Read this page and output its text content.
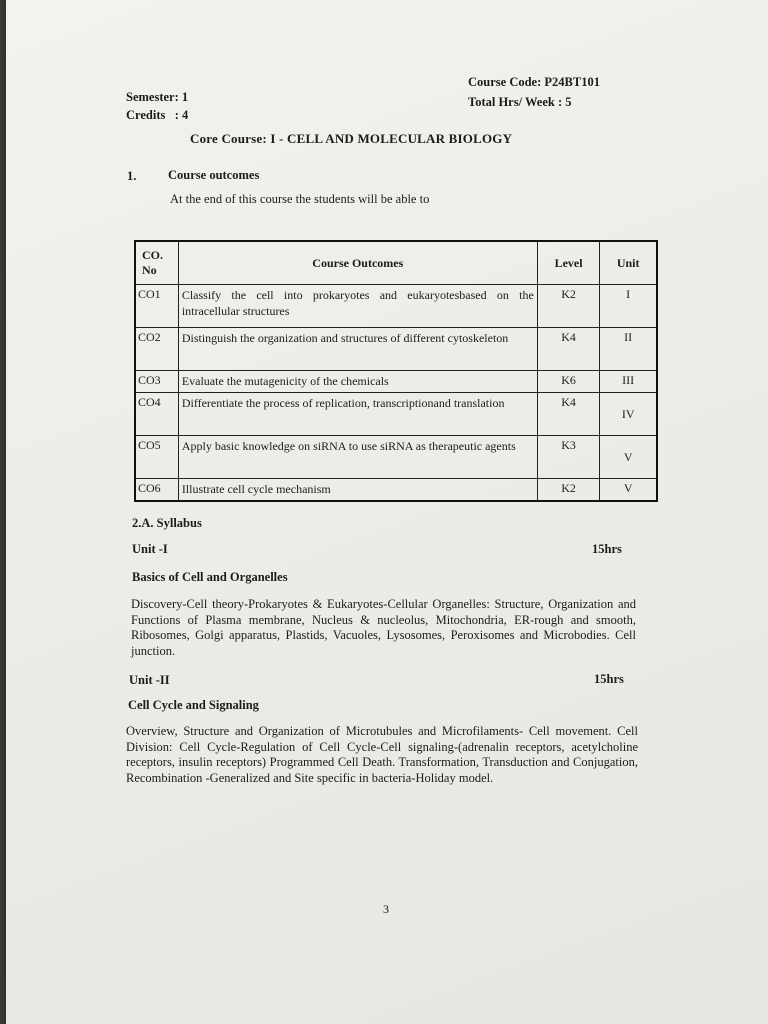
Semester: 1
Credits   : 4
Course Code: P24BT101
Total Hrs/ Week : 5
Core Course: I - CELL AND MOLECULAR BIOLOGY
1.	Course outcomes
At the end of this course the students will be able to
CO.
No	Course Outcomes	Level	Unit
CO1	Classify the cell into prokaryotes and eukaryotesbased on the intracellular structures	K2	I
CO2	Distinguish the organization and structures of different cytoskeleton	K4	II
CO3	Evaluate the mutagenicity of the chemicals	K6	III
CO4	Differentiate the process of replication, transcriptionand translation	K4	IV
CO5	Apply basic knowledge on siRNA to use siRNA as therapeutic agents	K3	V
CO6	Illustrate cell cycle mechanism	K2	V
2.A. Syllabus
Unit -I	15hrs
Basics of Cell and Organelles
Discovery-Cell theory-Prokaryotes & Eukaryotes-Cellular Organelles: Structure, Organization and Functions of Plasma membrane, Nucleus & nucleolus, Mitochondria, ER-rough and smooth, Ribosomes, Golgi apparatus, Plastids, Vacuoles, Lysosomes, Peroxisomes and Microbodies. Cell junction.
Unit -II	15hrs
Cell Cycle and Signaling
Overview, Structure and Organization of Microtubules and Microfilaments- Cell movement. Cell Division: Cell Cycle-Regulation of Cell Cycle-Cell signaling-(adrenalin receptors, acetylcholine receptors, insulin receptors) Programmed Cell Death. Transformation, Transduction and Conjugation, Recombination -Generalized and Site specific in bacteria-Holiday model.
3
